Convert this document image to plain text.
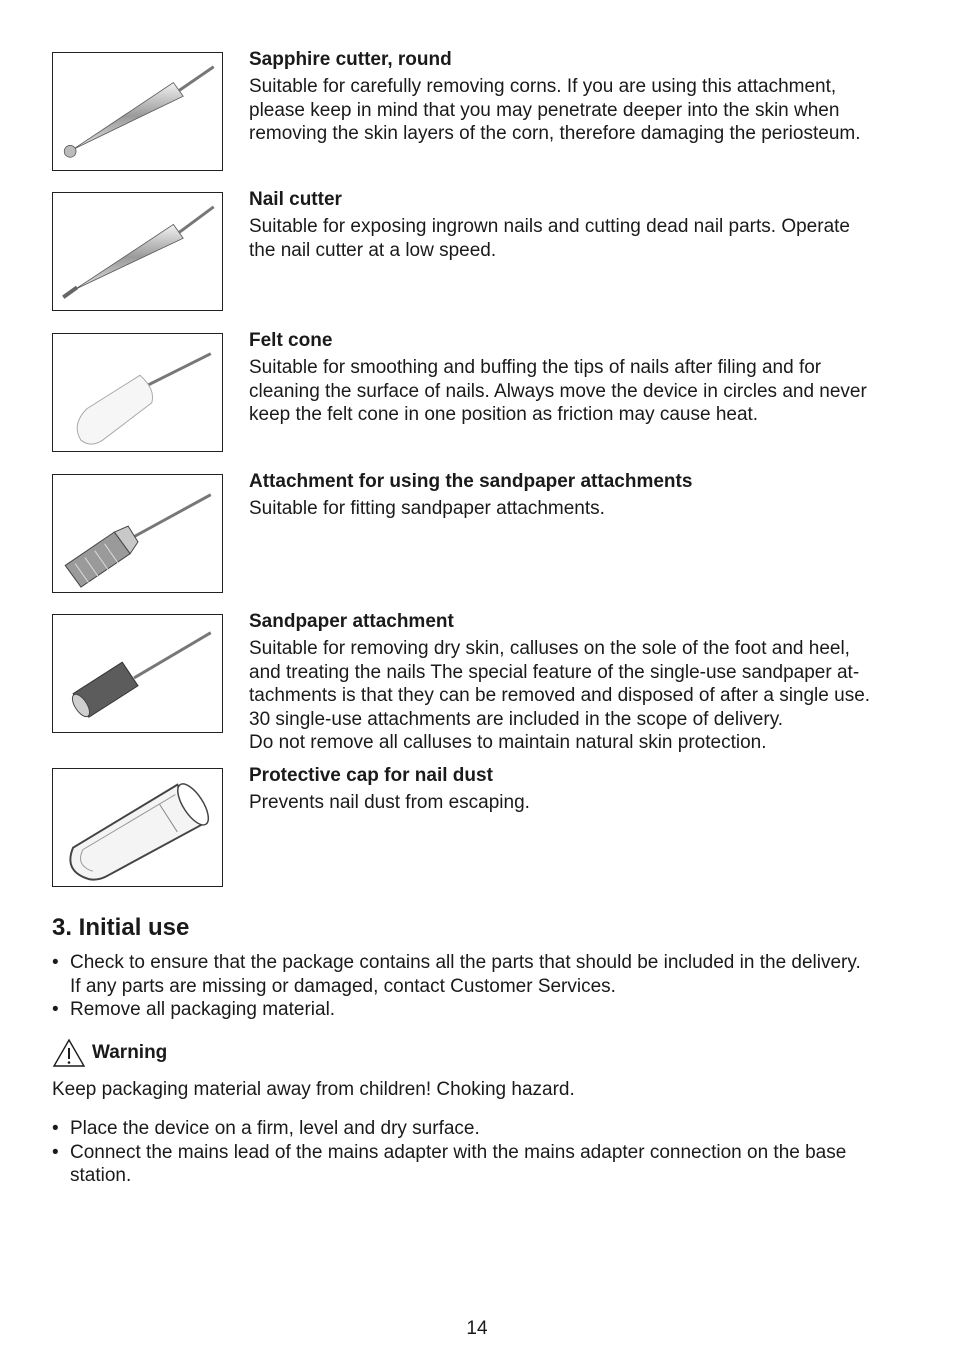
Sapphire cutter, round

Suitable for carefully removing corns. If you are using this attachment,
please keep in mind that you may penetrate deeper into the skin when
removing the skin layers of the corn, therefore damaging the periosteum.

Nail cutter

Suitable for exposing ingrown nails and cutting dead nail parts. Operate
the nail cutter at a low speed.

Felt cone

Suitable for smoothing and buffing the tips of nails after filing and for
cleaning the surface of nails. Always move the device in circles and never
keep the felt cone in one position as friction may cause heat.

Attachment for using the sandpaper attachments

Suitable for fitting sandpaper attachments.

Sandpaper attachment

Suitable for removing dry skin, calluses on the sole of the foot and heel,
and treating the nails The special feature of the single-use sandpaper at-
tachments is that they can be removed and disposed of after a single use.
30 single-use attachments are included in the scope of delivery.
Do not remove all calluses to maintain natural skin protection.

Protective cap for nail dust

Prevents nail dust from escaping.

3. Initial use
• Check to ensure that the package contains all the parts that should be included in the delivery.
If any parts are missing or damaged, contact Customer Services.
• Remove all packaging material.
Warning

Keep packaging material away from children! Choking hazard.

• Place the device on a firm, level and dry surface.
• Connect the mains lead of the mains adapter with the mains adapter connection on the base
station.
14
